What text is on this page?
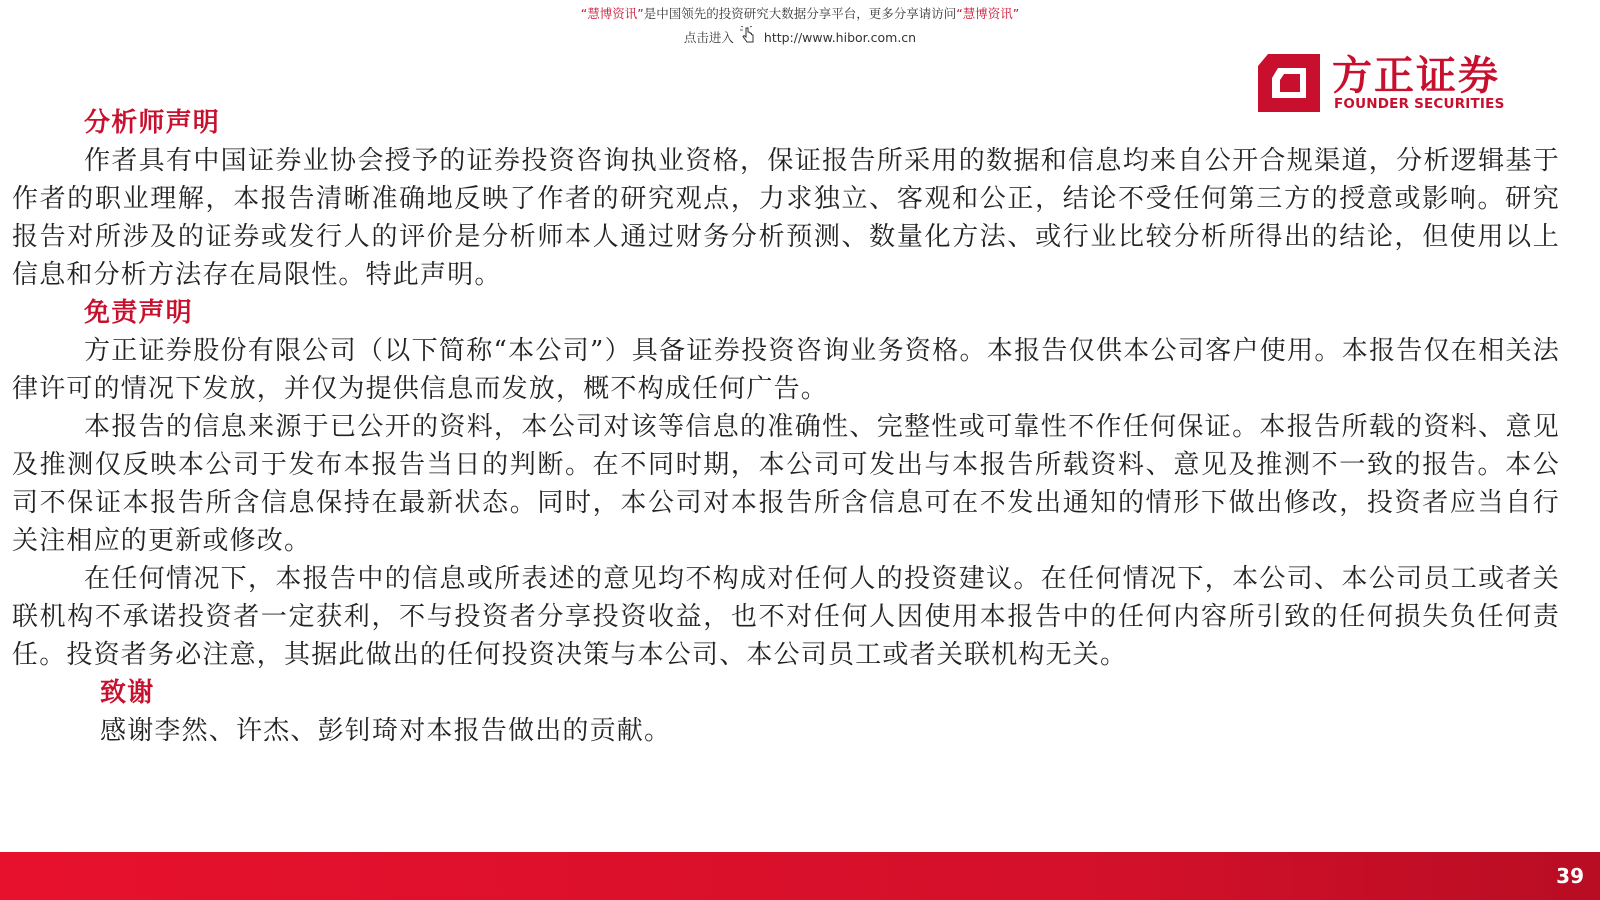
“慧博资讯”是中国领先的投资研究大数据分享平台，更多分享请访问“慧博资讯”
点击进入 http://www.hibor.com.cn
方正证券
FOUNDER SECURITIES

分析师声明

作者具有中国证券业协会授予的证券投资咨询执业资格，保证报告所采用的数据和信息均来自公开合规渠道，分析逻辑基于作者的职业理解，本报告清晰准确地反映了作者的研究观点，力求独立、客观和公正，结论不受任何第三方的授意或影响。研究报告对所涉及的证券或发行人的评价是分析师本人通过财务分析预测、数量化方法、或行业比较分析所得出的结论，但使用以上信息和分析方法存在局限性。特此声明。

免责声明

方正证券股份有限公司（以下简称“本公司”）具备证券投资咨询业务资格。本报告仅供本公司客户使用。本报告仅在相关法律许可的情况下发放，并仅为提供信息而发放，概不构成任何广告。

本报告的信息来源于已公开的资料，本公司对该等信息的准确性、完整性或可靠性不作任何保证。本报告所载的资料、意见及推测仅反映本公司于发布本报告当日的判断。在不同时期，本公司可发出与本报告所载资料、意见及推测不一致的报告。本公司不保证本报告所含信息保持在最新状态。同时，本公司对本报告所含信息可在不发出通知的情形下做出修改，投资者应当自行关注相应的更新或修改。

在任何情况下，本报告中的信息或所表述的意见均不构成对任何人的投资建议。在任何情况下，本公司、本公司员工或者关联机构不承诺投资者一定获利，不与投资者分享投资收益，也不对任何人因使用本报告中的任何内容所引致的任何损失负任何责任。投资者务必注意，其据此做出的任何投资决策与本公司、本公司员工或者关联机构无关。

致谢

感谢李然、许杰、彭钊琦对本报告做出的贡献。

39
